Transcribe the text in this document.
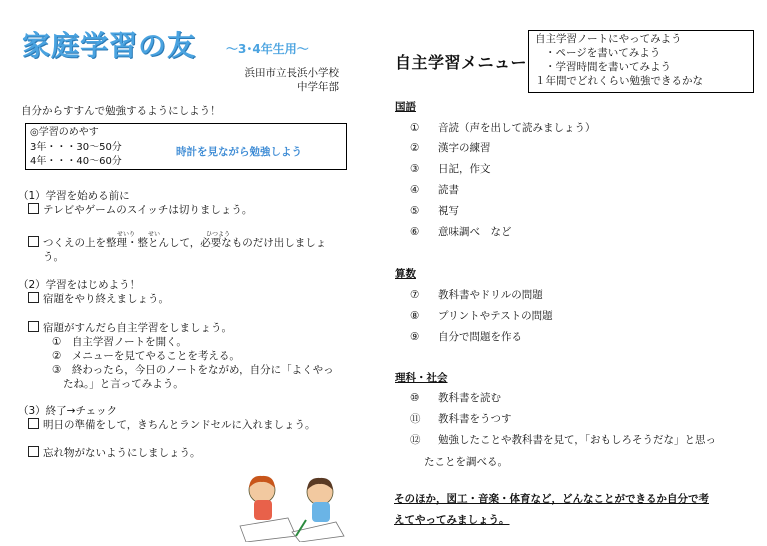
家庭学習の友 ～3･4年生用～
浜田市立長浜小学校
中学年部
自分からすすんで勉強するようにしよう！
◎学習のめやす
3年・・・30～50分
4年・・・40～60分
時計を見ながら勉強しよう
（1）学習を始める前に
テレビやゲームのスイッチは切りましょう。
つくえの上を整理・整とんして，必要なものだけ出しましょ
う。
せいり せい	ひつよう
（2）学習をはじめよう！
宿題をやり終えましょう。
宿題がすんだら自主学習をしましょう。
①　自主学習ノートを開く。
②　メニューを見てやることを考える。
③　終わったら，今日のノートをながめ，自分に「よくやっ
たね。」と言ってみよう。
（3）終了→チェック
明日の準備をして，きちんとランドセルに入れましょう。
忘れ物がないようにしましょう。
自主学習ノートにやってみよう
・ページを書いてみよう
・学習時間を書いてみよう
１年間でどれくらい勉強できるかな
自主学習メニュー
国語
① 音読（声を出して読みましょう）
② 漢字の練習
③ 日記，作文
④ 読書
⑤ 視写
⑥ 意味調べ　など
算数
⑦ 教科書やドリルの問題
⑧ プリントやテストの問題
⑨ 自分で問題を作る
理科・社会
⑩ 教科書を読む
⑪ 教科書をうつす
⑫ 勉強したことや教科書を見て，「おもしろそうだな」と思っ
たことを調べる。
そのほか，図工・音楽・体育など，どんなことができるか自分で考
えてやってみましょう。
